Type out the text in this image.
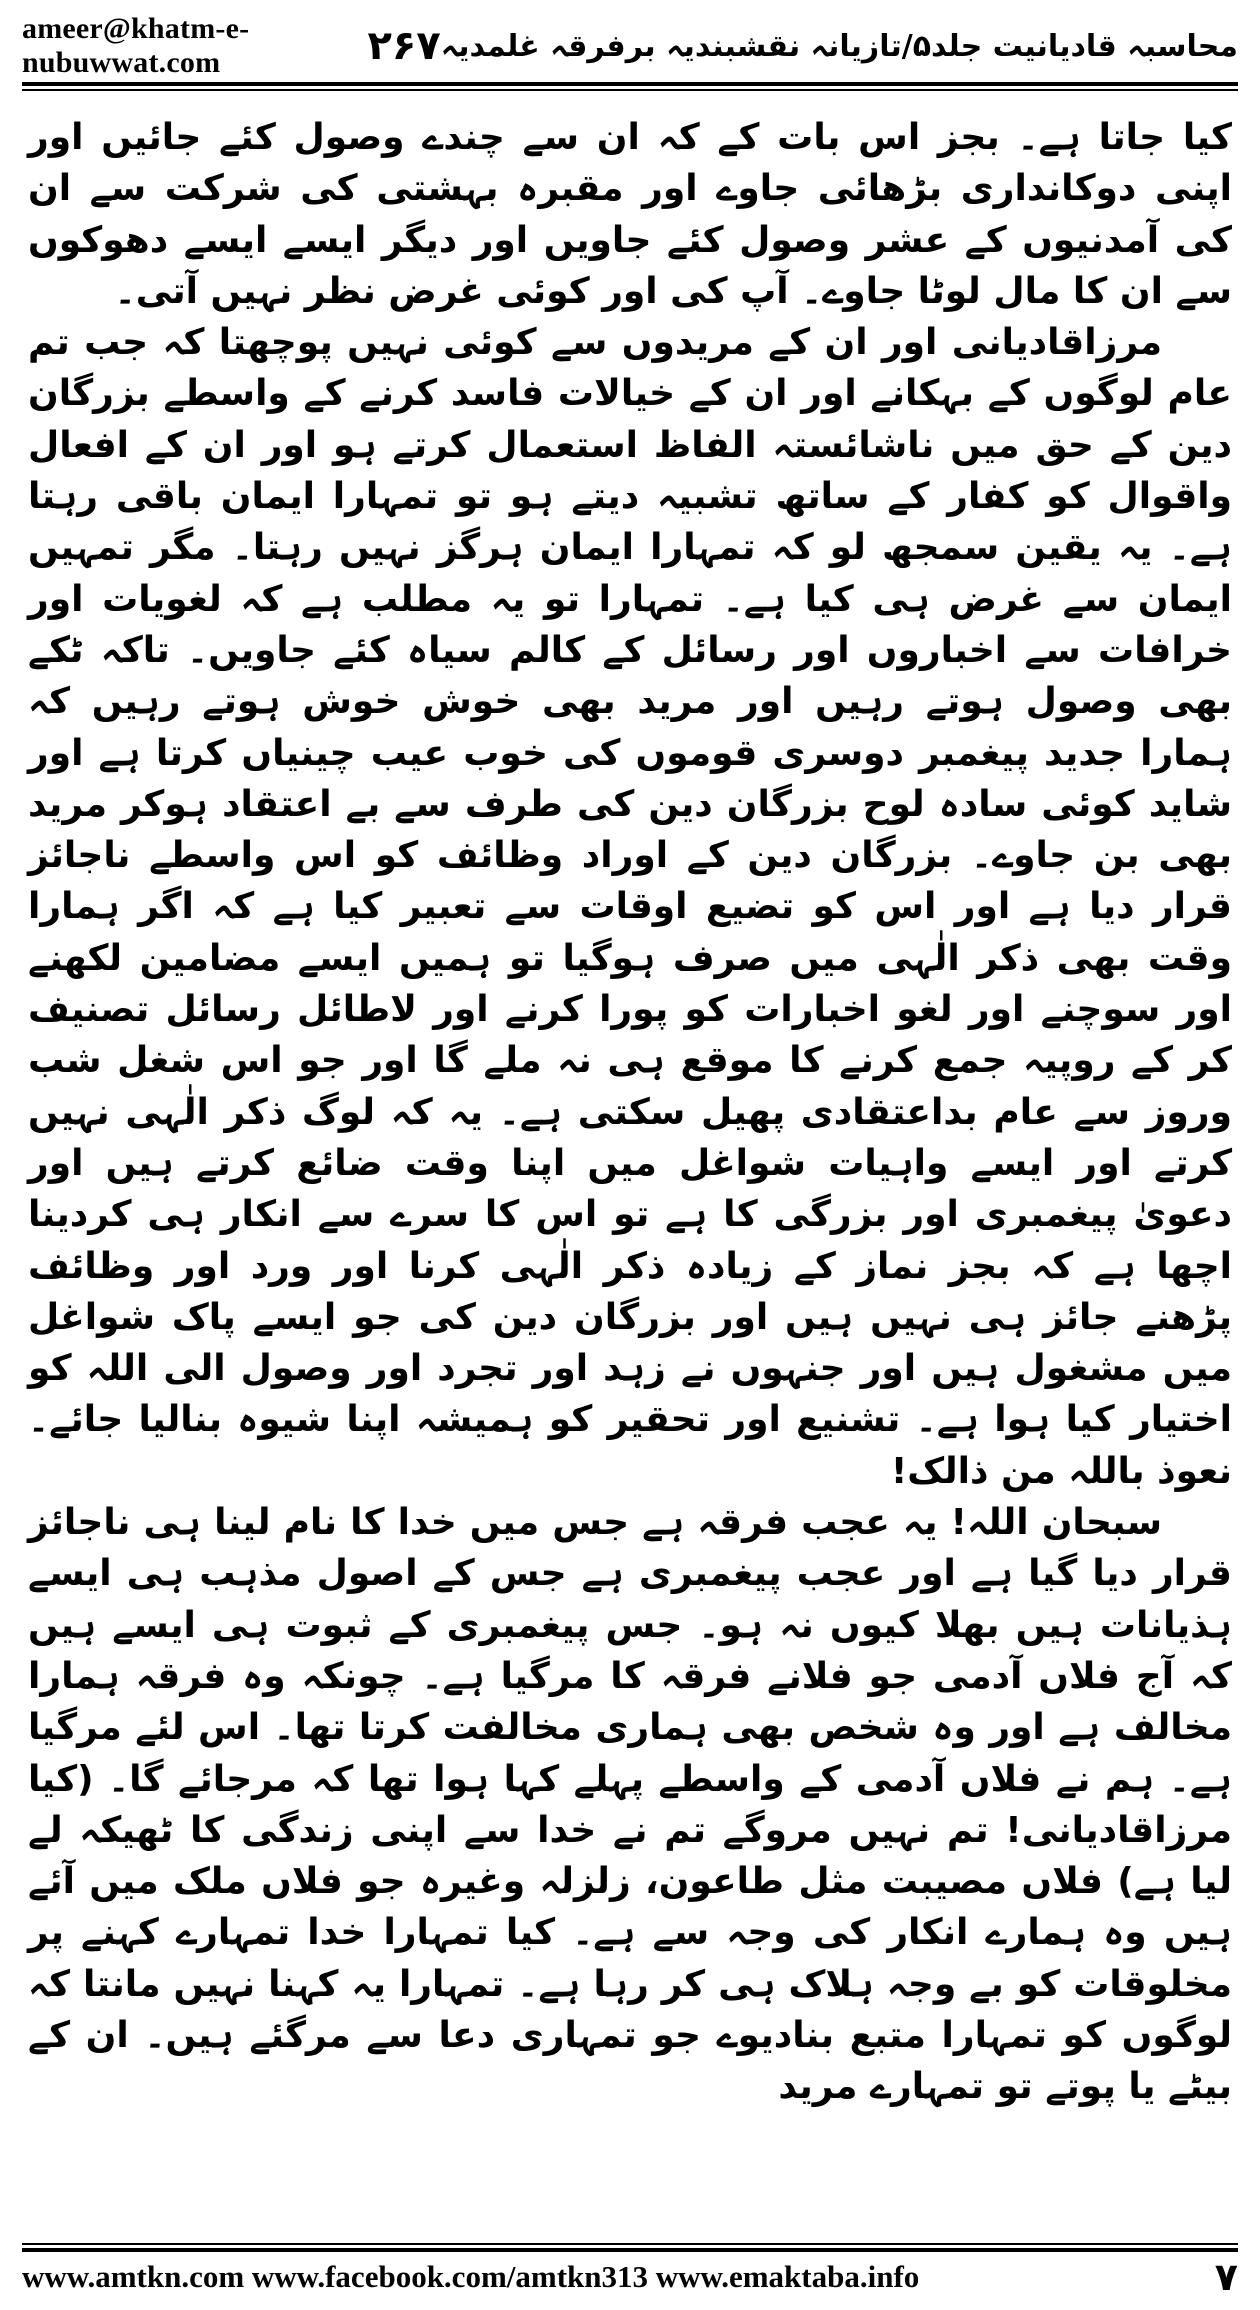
ameer@khatm-e-nubuwwat.com	۲۶۷ محاسبہ قادیانیت جلد۵/تازیانہ نقشبندیہ برفرقہ غلمدیہ

کیا جاتا ہے۔ بجز اس بات کے کہ ان سے چندے وصول کئے جائیں اور اپنی دوکانداری بڑھائی جاوے اور مقبرہ بہشتی کی شرکت سے ان کی آمدنیوں کے عشر وصول کئے جاویں اور دیگر ایسے ایسے دھوکوں سے ان کا مال لوٹا جاوے۔ آپ کی اور کوئی غرض نظر نہیں آتی۔

مرزاقادیانی اور ان کے مریدوں سے کوئی نہیں پوچھتا کہ جب تم عام لوگوں کے بہکانے اور ان کے خیالات فاسد کرنے کے واسطے بزرگان دین کے حق میں ناشائستہ الفاظ استعمال کرتے ہو اور ان کے افعال واقوال کو کفار کے ساتھ تشبیہ دیتے ہو تو تمہارا ایمان باقی رہتا ہے۔ یہ یقین سمجھ لو کہ تمہارا ایمان ہرگز نہیں رہتا۔ مگر تمہیں ایمان سے غرض ہی کیا ہے۔ تمہارا تو یہ مطلب ہے کہ لغویات اور خرافات سے اخباروں اور رسائل کے کالم سیاہ کئے جاویں۔ تاکہ ٹکے بھی وصول ہوتے رہیں اور مرید بھی خوش خوش ہوتے رہیں کہ ہمارا جدید پیغمبر دوسری قوموں کی خوب عیب چینیاں کرتا ہے اور شاید کوئی سادہ لوح بزرگان دین کی طرف سے بے اعتقاد ہوکر مرید بھی بن جاوے۔ بزرگان دین کے اوراد وظائف کو اس واسطے ناجائز قرار دیا ہے اور اس کو تضیع اوقات سے تعبیر کیا ہے کہ اگر ہمارا وقت بھی ذکر الٰہی میں صرف ہوگیا تو ہمیں ایسے مضامین لکھنے اور سوچنے اور لغو اخبارات کو پورا کرنے اور لاطائل رسائل تصنیف کر کے روپیہ جمع کرنے کا موقع ہی نہ ملے گا اور جو اس شغل شب وروز سے عام بداعتقادی پھیل سکتی ہے۔ یہ کہ لوگ ذکر الٰہی نہیں کرتے اور ایسے واہیات شواغل میں اپنا وقت ضائع کرتے ہیں اور دعویٰ پیغمبری اور بزرگی کا ہے تو اس کا سرے سے انکار ہی کردینا اچھا ہے کہ بجز نماز کے زیادہ ذکر الٰہی کرنا اور ورد اور وظائف پڑھنے جائز ہی نہیں ہیں اور بزرگان دین کی جو ایسے پاک شواغل میں مشغول ہیں اور جنہوں نے زہد اور تجرد اور وصول الی اللہ کو اختیار کیا ہوا ہے۔ تشنیع اور تحقیر کو ہمیشہ اپنا شیوہ بنالیا جائے۔ نعوذ باللہ من ذالک!

سبحان اللہ! یہ عجب فرقہ ہے جس میں خدا کا نام لینا ہی ناجائز قرار دیا گیا ہے اور عجب پیغمبری ہے جس کے اصول مذہب ہی ایسے ہذیانات ہیں بھلا کیوں نہ ہو۔ جس پیغمبری کے ثبوت ہی ایسے ہیں کہ آج فلاں آدمی جو فلانے فرقہ کا مرگیا ہے۔ چونکہ وہ فرقہ ہمارا مخالف ہے اور وہ شخص بھی ہماری مخالفت کرتا تھا۔ اس لئے مرگیا ہے۔ ہم نے فلاں آدمی کے واسطے پہلے کہا ہوا تھا کہ مرجائے گا۔ (کیا مرزاقادیانی! تم نہیں مروگے تم نے خدا سے اپنی زندگی کا ٹھیکہ لے لیا ہے) فلاں مصیبت مثل طاعون، زلزلہ وغیرہ جو فلاں ملک میں آئے ہیں وہ ہمارے انکار کی وجہ سے ہے۔ کیا تمہارا خدا تمہارے کہنے پر مخلوقات کو بے وجہ ہلاک ہی کر رہا ہے۔ تمہارا یہ کہنا نہیں مانتا کہ لوگوں کو تمہارا متبع بنادیوے جو تمہاری دعا سے مرگئے ہیں۔ ان کے بیٹے یا پوتے تو تمہارے مرید

www.amtkn.com www.facebook.com/amtkn313 www.emaktaba.info	۷
